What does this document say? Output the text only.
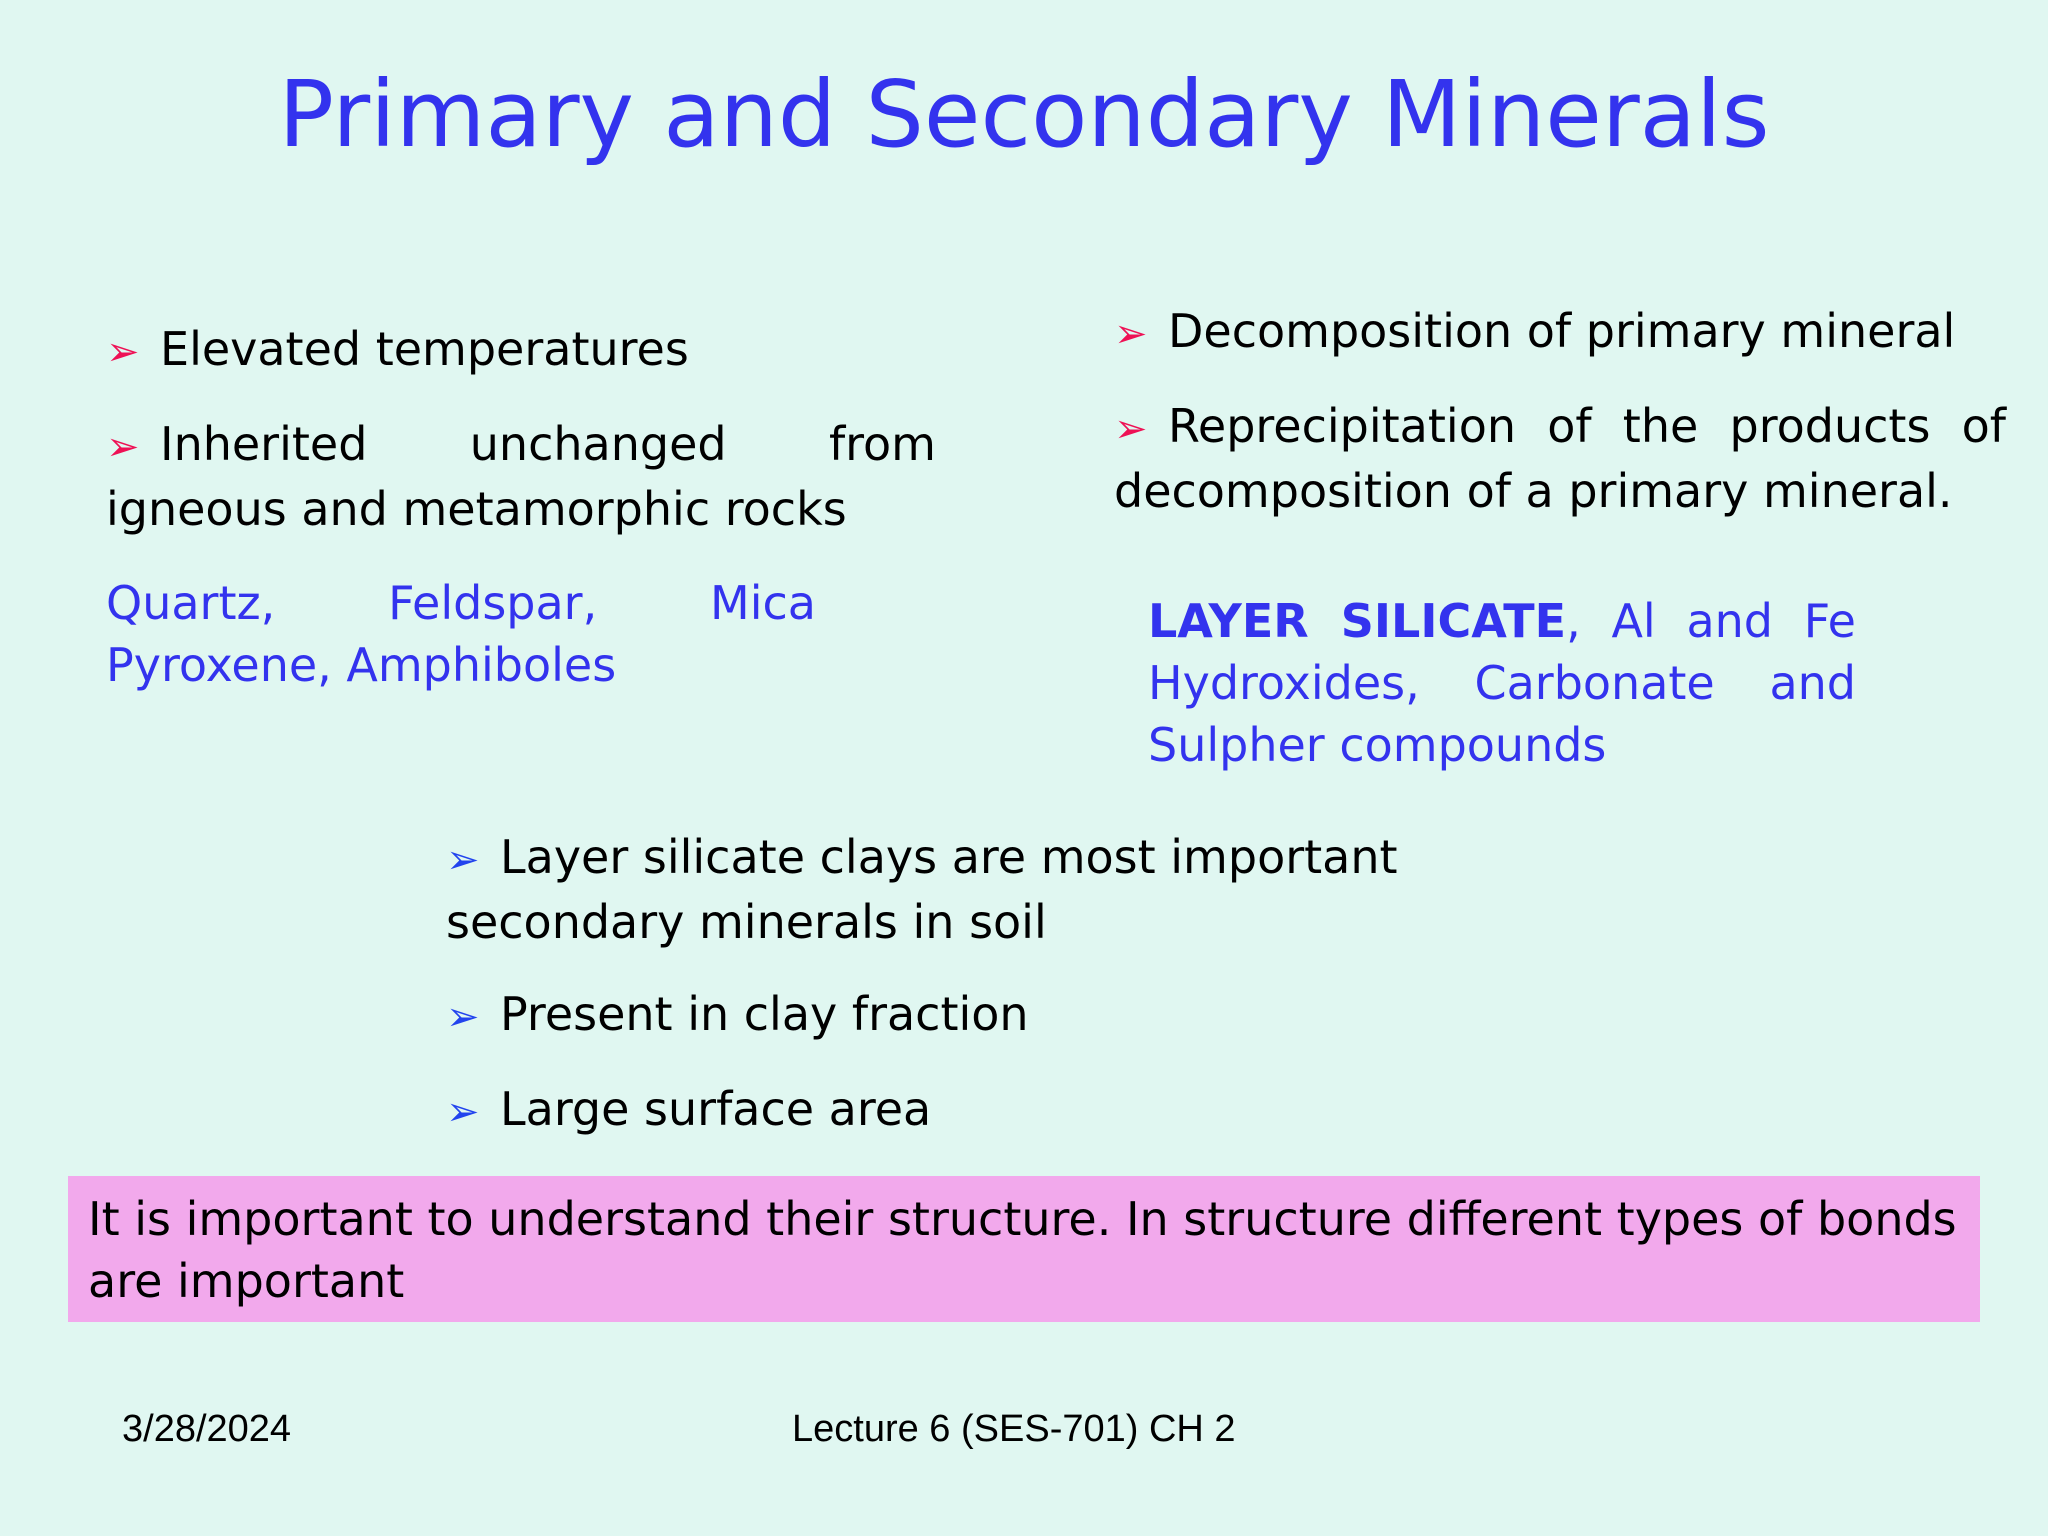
Primary and Secondary Minerals
➢ Elevated temperatures
➢ Inherited unchanged from igneous and metamorphic rocks
Quartz, Feldspar, Mica
Pyroxene, Amphiboles
➢ Decomposition of primary mineral
➢ Reprecipitation of the products of decomposition of a primary mineral.
LAYER SILICATE, Al and Fe Hydroxides, Carbonate and Sulpher compounds
➢ Layer silicate clays are most important secondary minerals in soil
➢ Present in clay fraction
➢ Large surface area
It is important to understand their structure. In structure different types of bonds are important
3/28/2024	Lecture 6 (SES-701) CH 2
